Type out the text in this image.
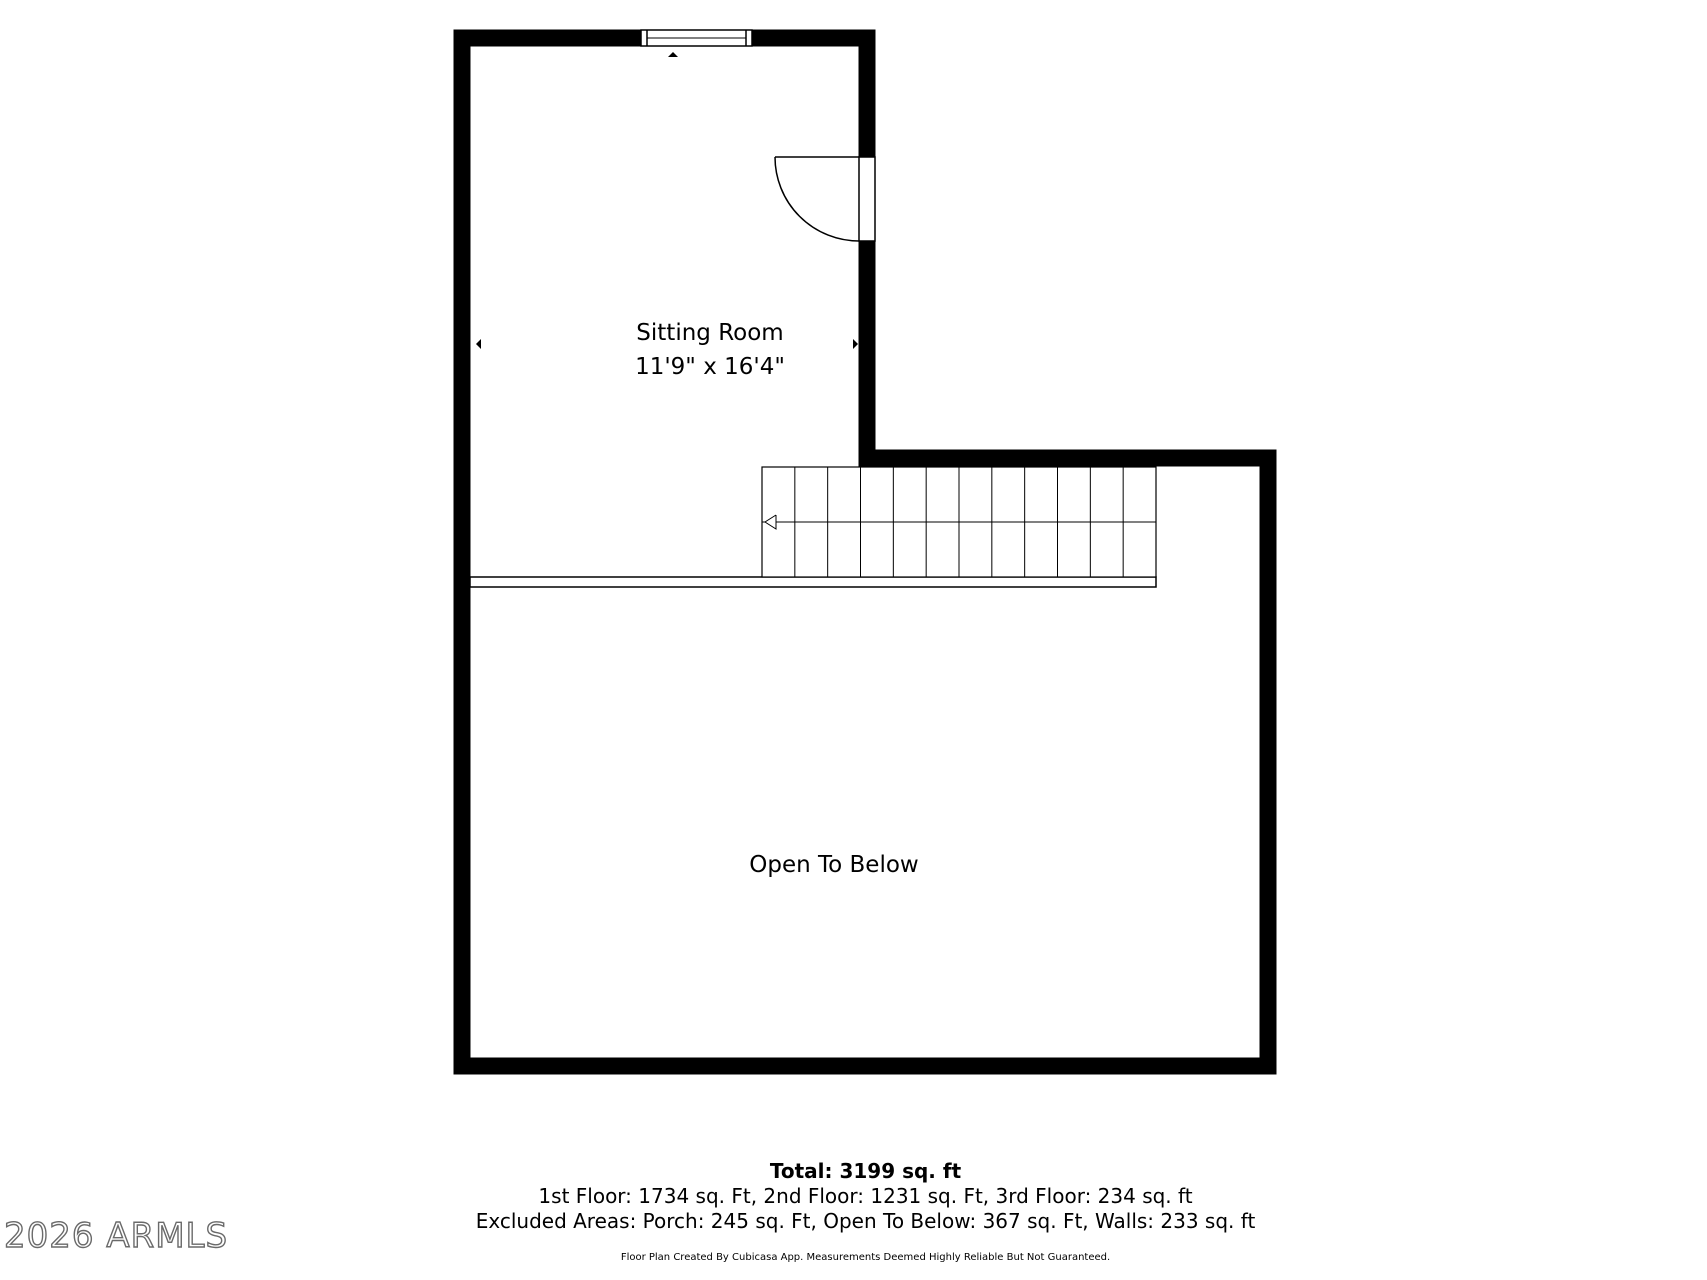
Sitting Room
11'9" x 16'4"
Open To Below
Total: 3199 sq. ft
1st Floor: 1734 sq. Ft, 2nd Floor: 1231 sq. Ft, 3rd Floor: 234 sq. ft
Excluded Areas: Porch: 245 sq. Ft, Open To Below: 367 sq. Ft, Walls: 233 sq. ft
Floor Plan Created By Cubicasa App. Measurements Deemed Highly Reliable But Not Guaranteed.
2026 ARMLS
